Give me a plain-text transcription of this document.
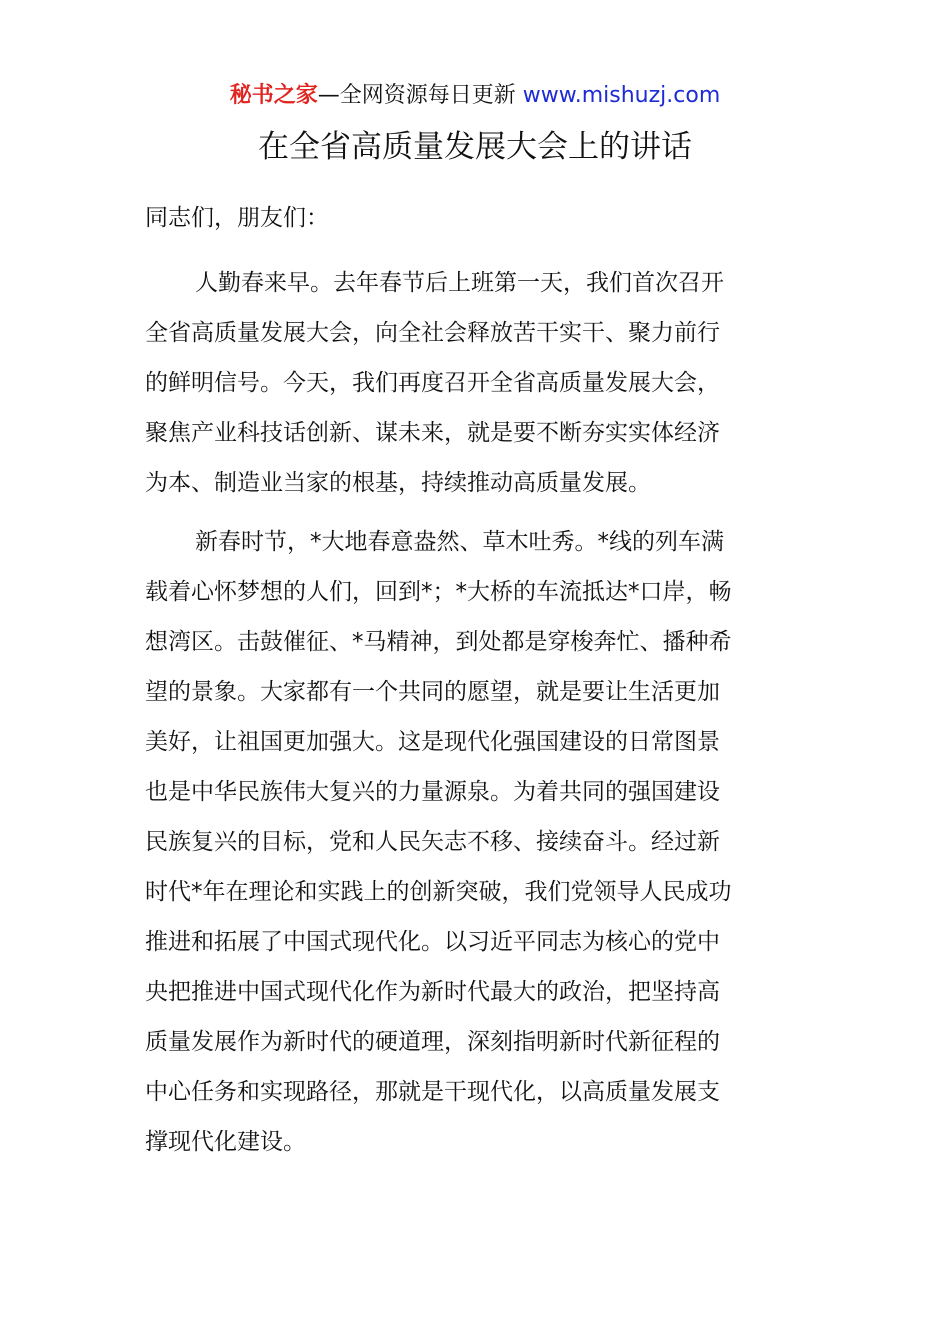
秘书之家—全网资源每日更新 www.mishuzj.com
在全省高质量发展大会上的讲话
同志们，朋友们：
人勤春来早。去年春节后上班第一天，我们首次召开
全省高质量发展大会，向全社会释放苦干实干、聚力前行
的鲜明信号。今天，我们再度召开全省高质量发展大会，
聚焦产业科技话创新、谋未来，就是要不断夯实实体经济
为本、制造业当家的根基，持续推动高质量发展。
新春时节，*大地春意盎然、草木吐秀。*线的列车满
载着心怀梦想的人们，回到*；*大桥的车流抵达*口岸，畅
想湾区。击鼓催征、*马精神，到处都是穿梭奔忙、播种希
望的景象。大家都有一个共同的愿望，就是要让生活更加
美好，让祖国更加强大。这是现代化强国建设的日常图景
也是中华民族伟大复兴的力量源泉。为着共同的强国建设
民族复兴的目标，党和人民矢志不移、接续奋斗。经过新
时代*年在理论和实践上的创新突破，我们党领导人民成功
推进和拓展了中国式现代化。以习近平同志为核心的党中
央把推进中国式现代化作为新时代最大的政治，把坚持高
质量发展作为新时代的硬道理，深刻指明新时代新征程的
中心任务和实现路径，那就是干现代化，以高质量发展支
撑现代化建设。
